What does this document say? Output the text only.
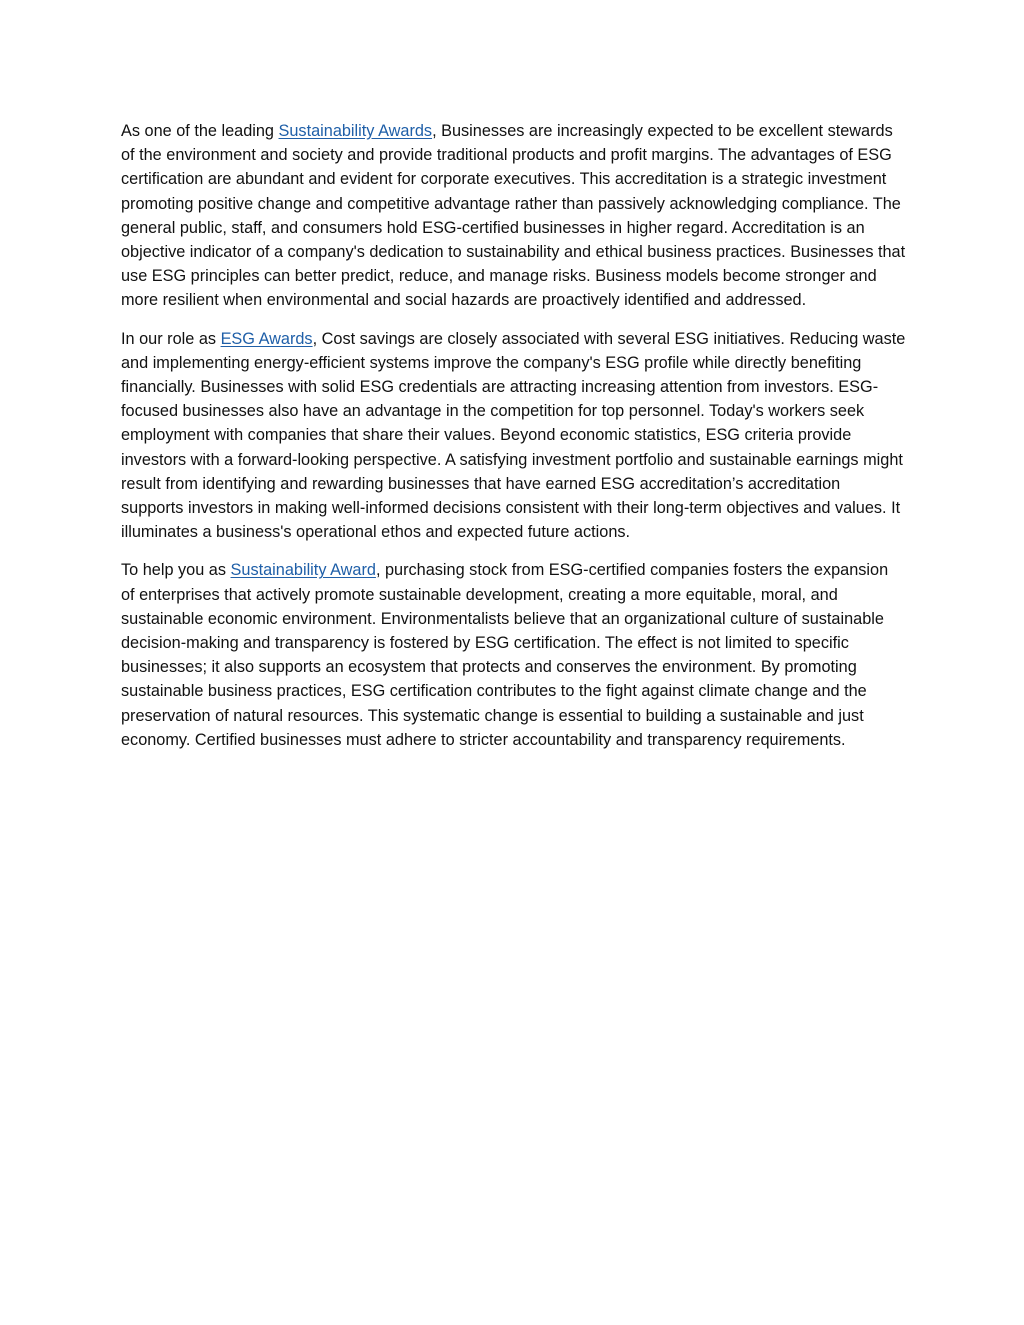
As one of the leading Sustainability Awards, Businesses are increasingly expected to be excellent stewards of the environment and society and provide traditional products and profit margins. The advantages of ESG certification are abundant and evident for corporate executives. This accreditation is a strategic investment promoting positive change and competitive advantage rather than passively acknowledging compliance. The general public, staff, and consumers hold ESG-certified businesses in higher regard. Accreditation is an objective indicator of a company's dedication to sustainability and ethical business practices. Businesses that use ESG principles can better predict, reduce, and manage risks. Business models become stronger and more resilient when environmental and social hazards are proactively identified and addressed.

In our role as ESG Awards, Cost savings are closely associated with several ESG initiatives. Reducing waste and implementing energy-efficient systems improve the company's ESG profile while directly benefiting financially. Businesses with solid ESG credentials are attracting increasing attention from investors. ESG-focused businesses also have an advantage in the competition for top personnel. Today's workers seek employment with companies that share their values. Beyond economic statistics, ESG criteria provide investors with a forward-looking perspective. A satisfying investment portfolio and sustainable earnings might result from identifying and rewarding businesses that have earned ESG accreditation’s accreditation supports investors in making well-informed decisions consistent with their long-term objectives and values. It illuminates a business's operational ethos and expected future actions.

To help you as Sustainability Award, purchasing stock from ESG-certified companies fosters the expansion of enterprises that actively promote sustainable development, creating a more equitable, moral, and sustainable economic environment. Environmentalists believe that an organizational culture of sustainable decision-making and transparency is fostered by ESG certification. The effect is not limited to specific businesses; it also supports an ecosystem that protects and conserves the environment. By promoting sustainable business practices, ESG certification contributes to the fight against climate change and the preservation of natural resources. This systematic change is essential to building a sustainable and just economy. Certified businesses must adhere to stricter accountability and transparency requirements.
